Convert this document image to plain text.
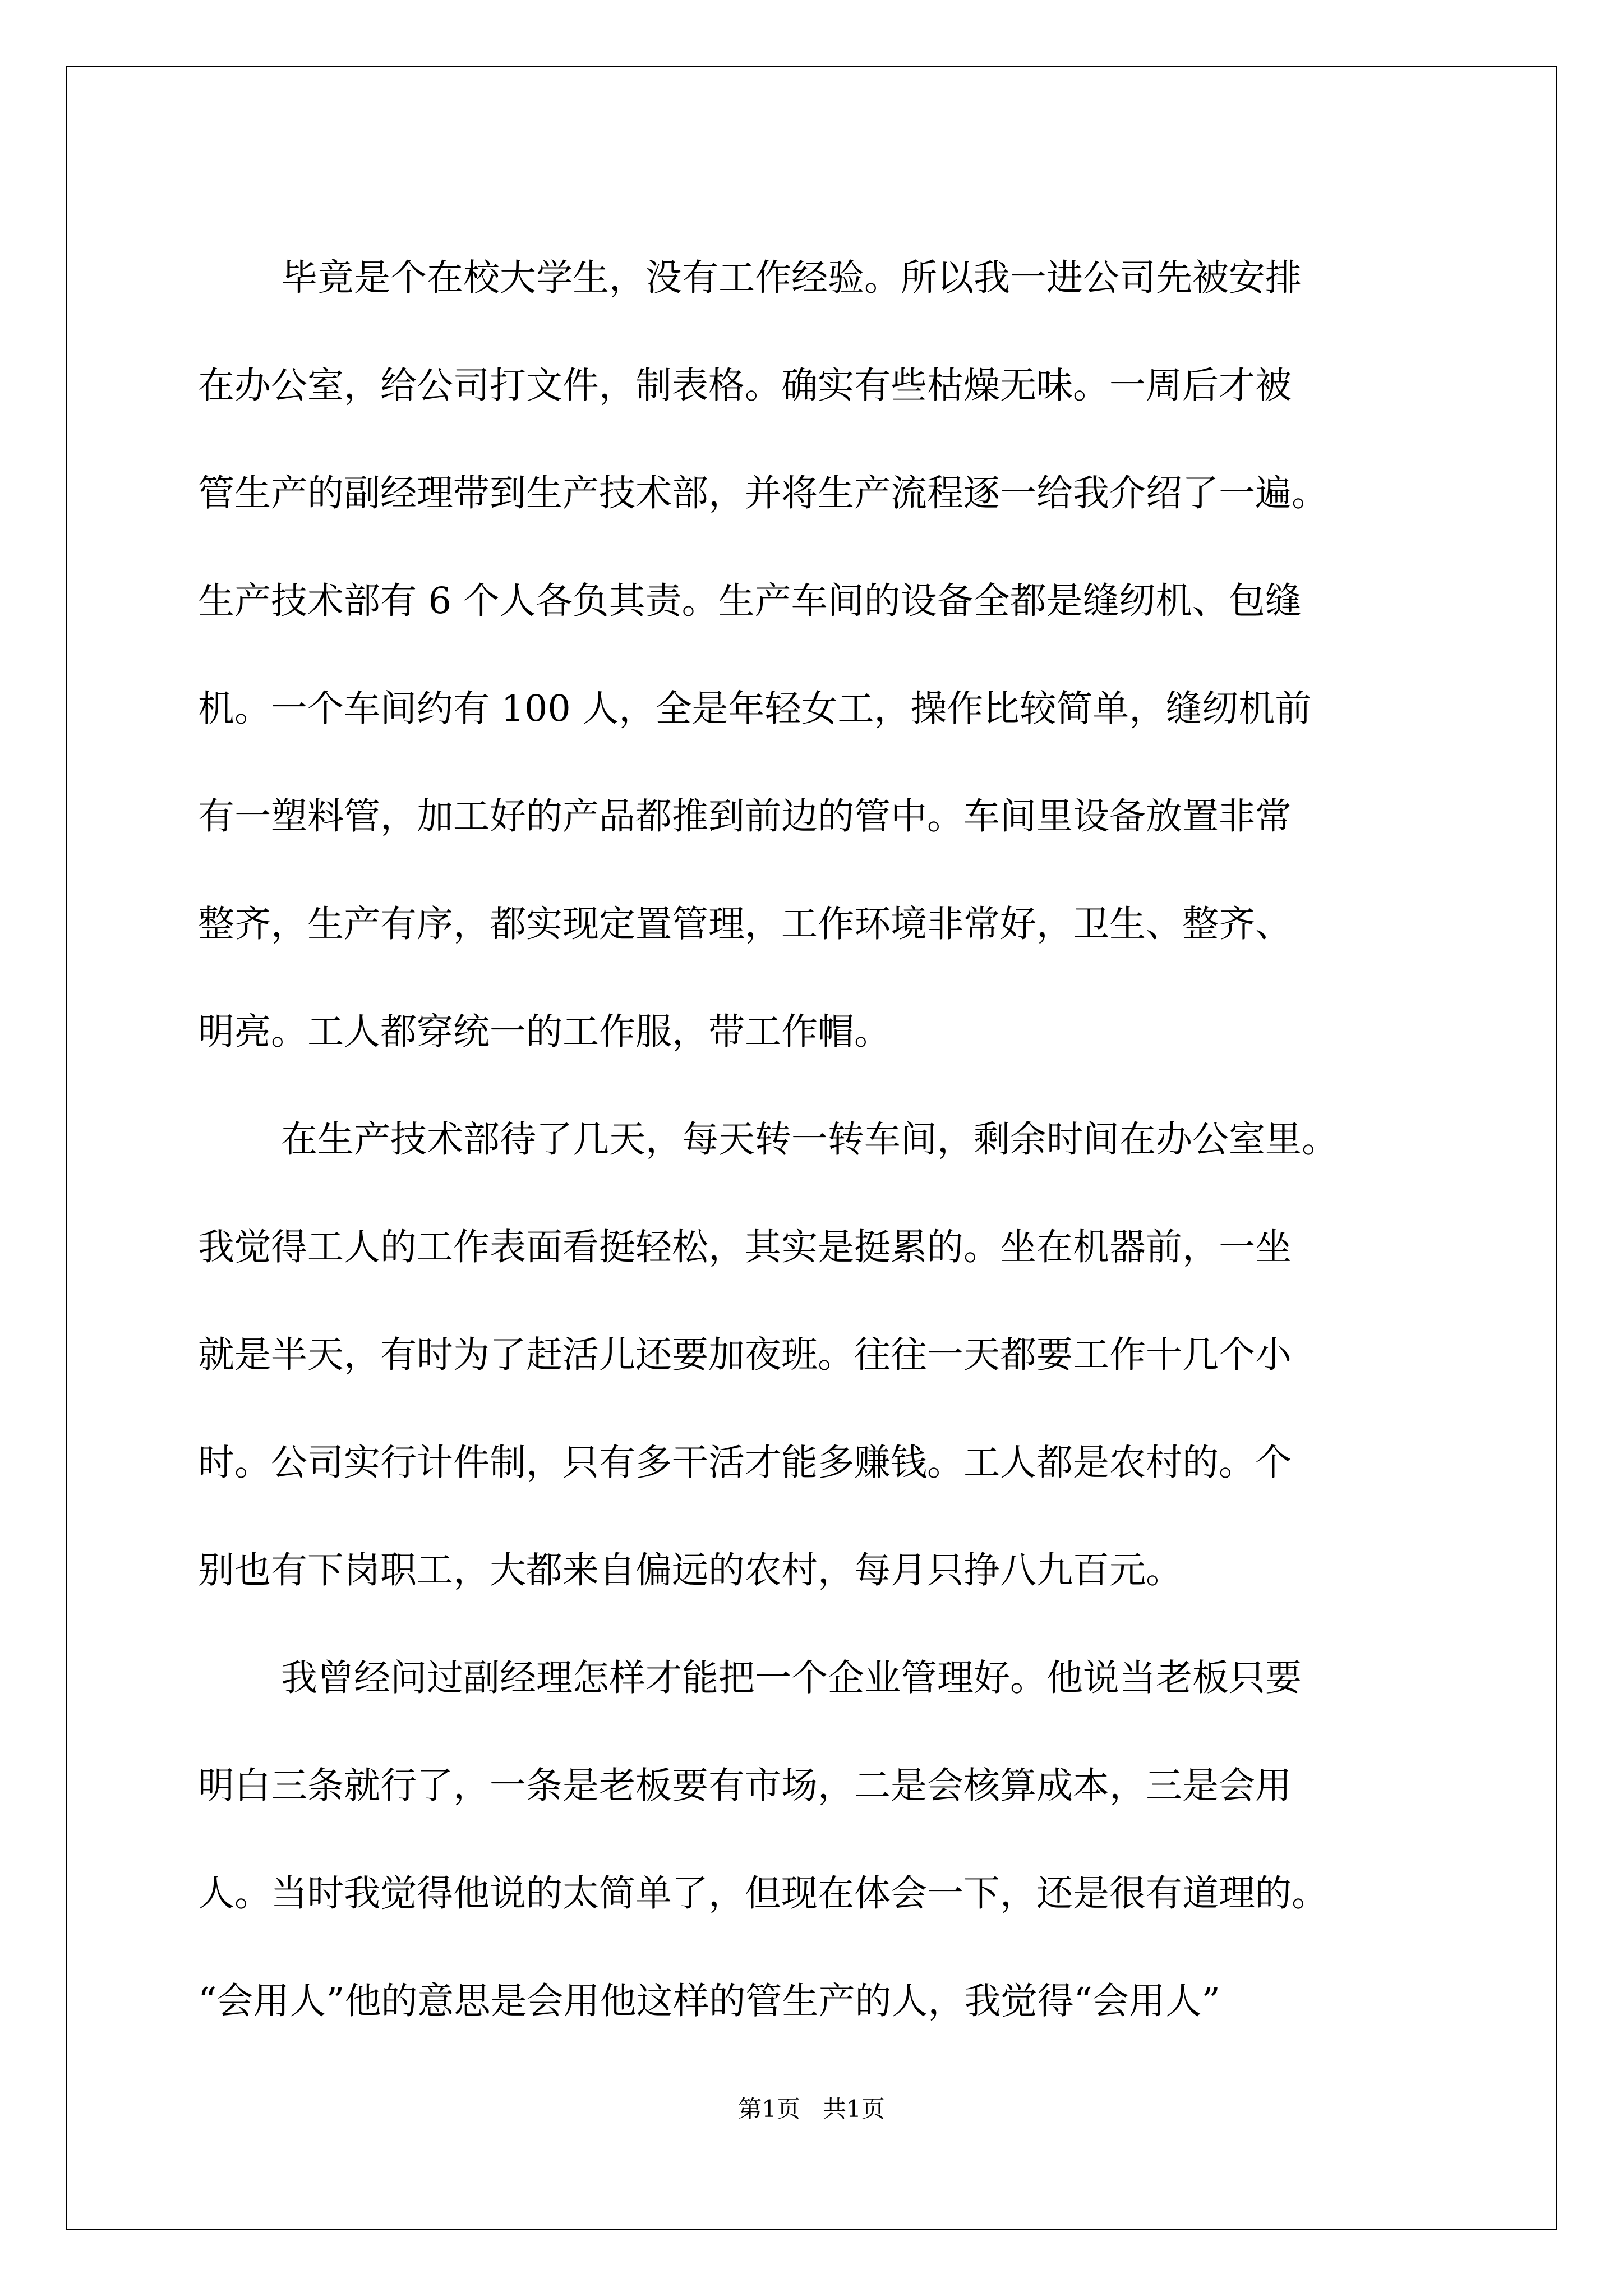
毕竟是个在校大学生，没有工作经验。所以我一进公司先被安排
在办公室，给公司打文件，制表格。确实有些枯燥无味。一周后才被
管生产的副经理带到生产技术部，并将生产流程逐一给我介绍了一遍。
生产技术部有 6 个人各负其责。生产车间的设备全都是缝纫机、包缝
机。一个车间约有 100 人，全是年轻女工，操作比较简单，缝纫机前
有一塑料管，加工好的产品都推到前边的管中。车间里设备放置非常
整齐，生产有序，都实现定置管理，工作环境非常好，卫生、整齐、
明亮。工人都穿统一的工作服，带工作帽。
在生产技术部待了几天，每天转一转车间，剩余时间在办公室里。
我觉得工人的工作表面看挺轻松，其实是挺累的。坐在机器前，一坐
就是半天，有时为了赶活儿还要加夜班。往往一天都要工作十几个小
时。公司实行计件制，只有多干活才能多赚钱。工人都是农村的。个
别也有下岗职工，大都来自偏远的农村，每月只挣八九百元。
我曾经问过副经理怎样才能把一个企业管理好。他说当老板只要
明白三条就行了，一条是老板要有市场，二是会核算成本，三是会用
人。当时我觉得他说的太简单了，但现在体会一下，还是很有道理的。
“会用人”他的意思是会用他这样的管生产的人，我觉得“会用人”
第1页 共1页
